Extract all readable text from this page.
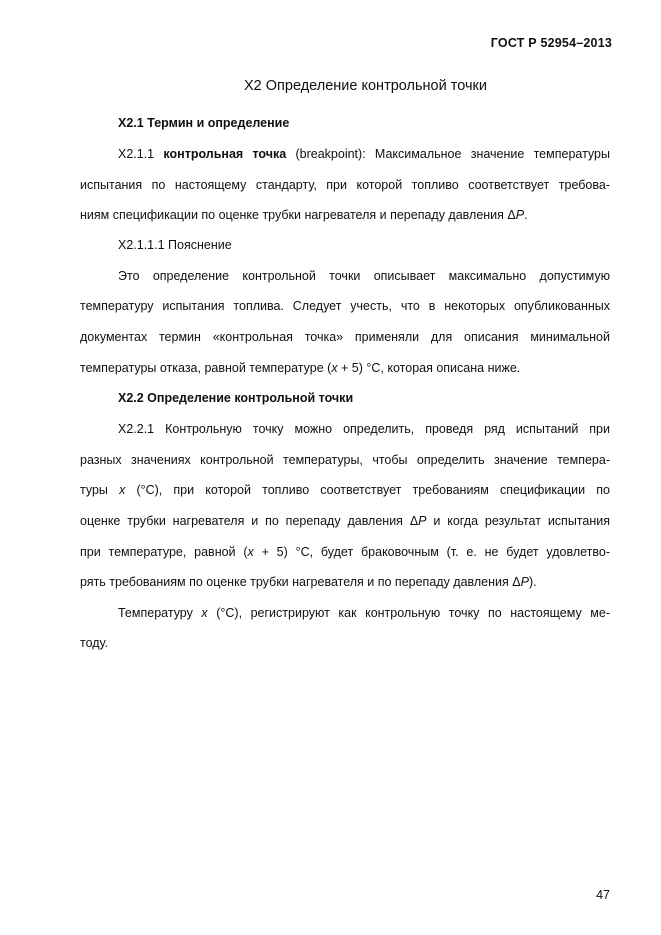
ГОСТ Р 52954–2013
Х2 Определение контрольной точки
Х2.1 Термин и определение
Х2.1.1 контрольная точка (breakpoint): Максимальное значение температуры
испытания по настоящему стандарту, при которой топливо соответствует требова-
ниям спецификации по оценке трубки нагревателя и перепаду давления ΔP.
Х2.1.1.1 Пояснение
Это определение контрольной точки описывает максимально допустимую
температуру испытания топлива. Следует учесть, что в некоторых опубликованных
документах термин «контрольная точка» применяли для описания минимальной
температуры отказа, равной температуре (x + 5) °С, которая описана ниже.
Х2.2 Определение контрольной точки
Х2.2.1 Контрольную точку можно определить, проведя ряд испытаний при
разных значениях контрольной температуры, чтобы определить значение темпера-
туры x (°С), при которой топливо соответствует требованиям спецификации по
оценке трубки нагревателя и по перепаду давления ΔP и когда результат испытания
при температуре, равной (x + 5) °С, будет браковочным (т. е. не будет удовлетво-
рять требованиям по оценке трубки нагревателя и по перепаду давления ΔP).
Температуру x (°С), регистрируют как контрольную точку по настоящему ме-
тоду.
47
